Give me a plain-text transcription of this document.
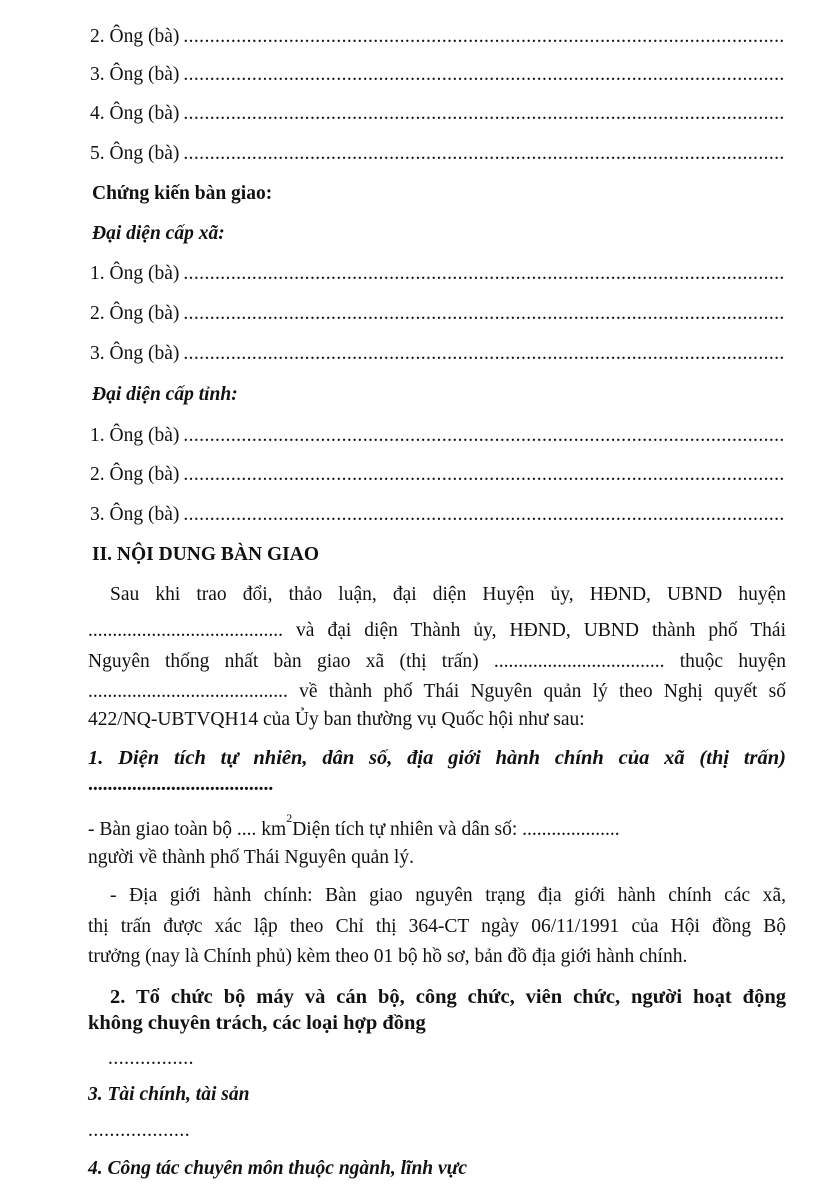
2. Ông (bà)
.....
3. Ông (bà)
.....
4. Ông (bà)
.....
5. Ông (bà)
.....
Chứng kiến bàn giao:
Đại diện cấp xã:
1. Ông (bà)
.....
2. Ông (bà)
.....
3. Ông (bà)
.....
Đại diện cấp tỉnh:
1. Ông (bà)
.....
2. Ông (bà)
.....
3. Ông (bà)
.....
II. NỘI DUNG BÀN GIAO
Sau khi trao đổi, thảo luận, đại diện Huyện ủy, HĐND, UBND huyện
........................................ và đại diện Thành ủy, HĐND, UBND thành phố Thái
Nguyên thống nhất bàn giao xã (thị trấn) ................................... thuộc huyện
......................................... về thành phố Thái Nguyên quản lý theo Nghị quyết số
422/NQ-UBTVQH14 của Ủy ban thường vụ Quốc hội như sau:
1. Diện tích tự nhiên, dân số, địa giới hành chính của xã (thị trấn)
......................................
- Bàn giao toàn bộ .... km
2
Diện tích tự nhiên và dân số: ....................
người về thành phố Thái Nguyên quản lý.
- Địa giới hành chính: Bàn giao nguyên trạng địa giới hành chính các xã,
thị trấn được xác lập theo Chỉ thị 364-CT ngày 06/11/1991 của Hội đồng Bộ
trưởng (nay là Chính phủ) kèm theo 01 bộ hồ sơ, bản đồ địa giới hành chính.
2. Tổ chức bộ máy và cán bộ, công chức, viên chức, người hoạt động
không chuyên trách, các loại hợp đồng
................
3. Tài chính, tài sản
...................
4. Công tác chuyên môn thuộc ngành, lĩnh vực
